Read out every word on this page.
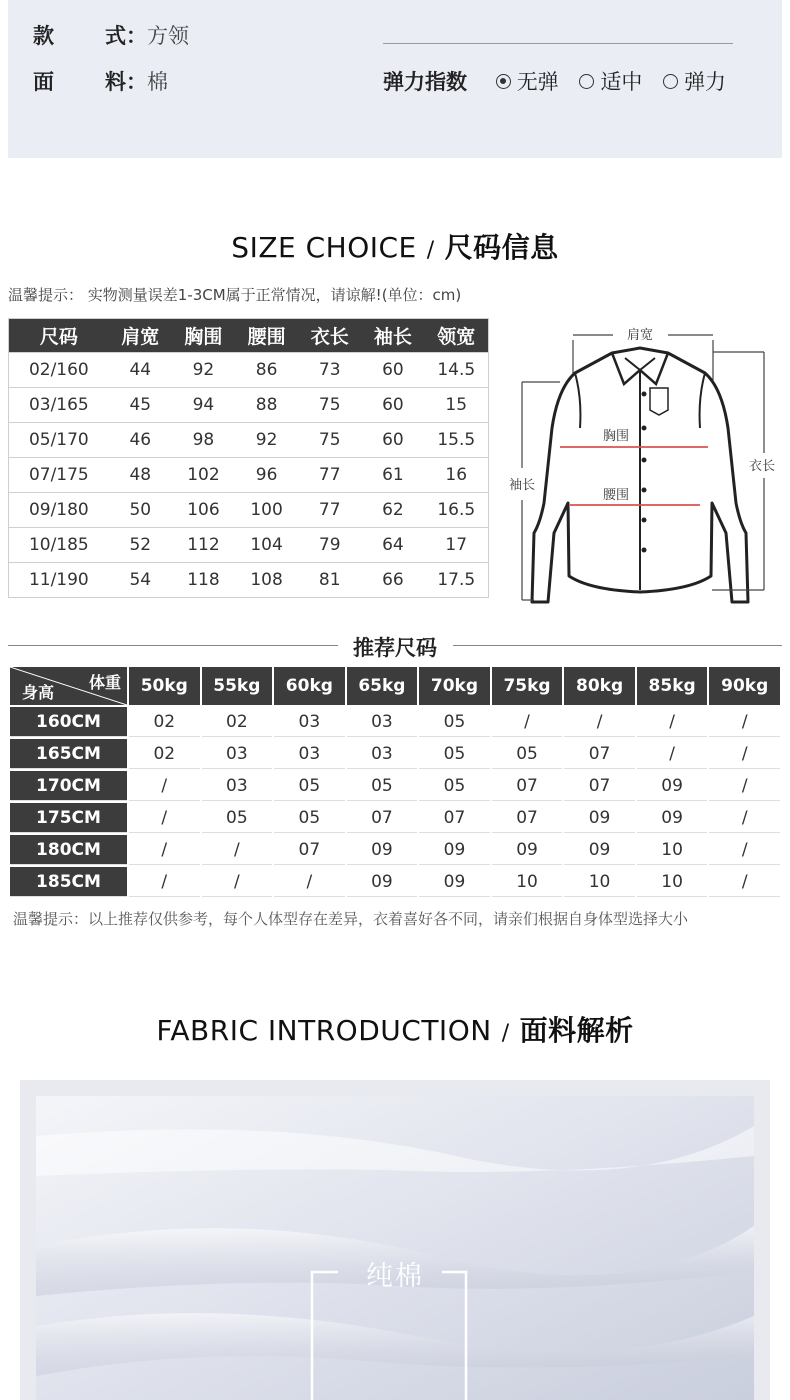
款 式：方领
面 料：棉	弹力指数 无弹 适中 弹力
SIZE CHOICE / 尺码信息
温馨提示： 实物测量误差1-3CM属于正常情况，请谅解!(单位：cm)
尺码	肩宽	胸围	腰围	衣长	袖长	领宽
02/160	44	92	86	73	60	14.5
03/165	45	94	88	75	60	15
05/170	46	98	92	75	60	15.5
07/175	48	102	96	77	61	16
09/180	50	106	100	77	62	16.5
10/185	52	112	104	79	64	17
11/190	54	118	108	81	66	17.5
肩宽
胸围
腰围
袖长
衣长
推荐尺码
体重
身高	50kg	55kg	60kg	65kg	70kg	75kg	80kg	85kg	90kg
160CM	02	02	03	03	05	/	/	/	/
165CM	02	03	03	03	05	05	07	/	/
170CM	/	03	05	05	05	07	07	09	/
175CM	/	05	05	07	07	07	09	09	/
180CM	/	/	07	09	09	09	09	10	/
185CM	/	/	/	09	09	10	10	10	/
温馨提示：以上推荐仅供参考，每个人体型存在差异，衣着喜好各不同，请亲们根据自身体型选择大小
FABRIC INTRODUCTION / 面料解析
纯棉
